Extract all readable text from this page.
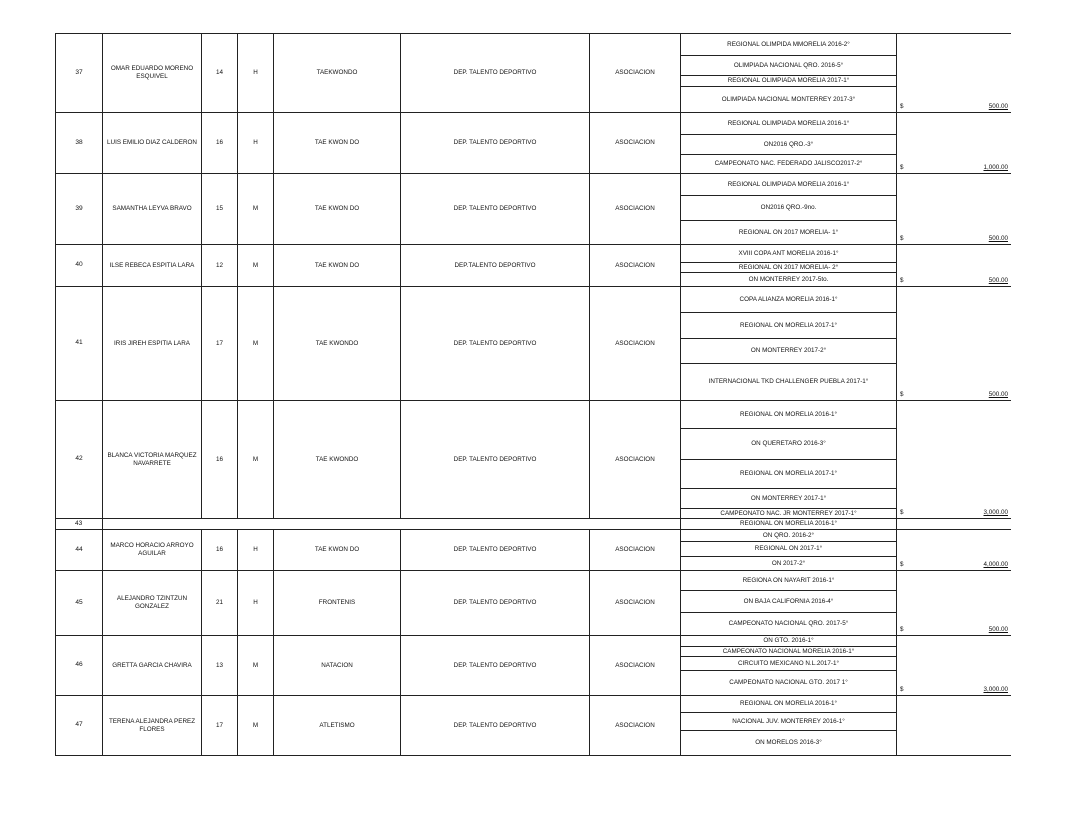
37	OMAR EDUARDO MORENO ESQUIVEL	14	H	TAEKWONDO	DEP. TALENTO DEPORTIVO	ASOCIACION	REGIONAL OLIMPIDA MMORELIA 2016-2°	$ 500.00

							OLIMPIADA NACIONAL QRO. 2016-5°	
							REGIONAL OLIMPIADA MORELIA 2017-1°	
							OLIMPIADA NACIONAL MONTERREY 2017-3°	
38	LUIS EMILIO DIAZ CALDERON	16	H	TAE KWON DO	DEP. TALENTO DEPORTIVO	ASOCIACION	REGIONAL OLIMPIADA MORELIA 2016-1°	$ 1,000.00

							ON2016 QRO.-3°	
							CAMPEONATO NAC. FEDERADO JALISCO2017-2°	
39	SAMANTHA LEYVA BRAVO	15	M	TAE KWON DO	DEP. TALENTO DEPORTIVO	ASOCIACION	REGIONAL OLIMPIADA MORELIA 2016-1°	$ 500.00

							ON2016 QRO.-9no.	
							REGIONAL ON 2017 MORELIA- 1°	
40	ILSE REBECA ESPITIA LARA	12	M	TAE KWON DO	DEP.TALENTO DEPORTIVO	ASOCIACION	XVIII COPA ANT MORELIA 2016-1°	$ 500.00

							REGIONAL ON 2017 MORELIA- 2°	
							ON MONTERREY 2017-5to.	
41	IRIS JIREH ESPITIA LARA	17	M	TAE KWONDO	DEP. TALENTO DEPORTIVO	ASOCIACION	COPA ALIANZA MORELIA 2016-1°	$ 500.00

							REGIONAL ON MORELIA 2017-1°	
							ON MONTERREY 2017-2°	
							INTERNACIONAL TKD CHALLENGER PUEBLA 2017-1°	
42	BLANCA VICTORIA MARQUEZ NAVARRETE	16	M	TAE KWONDO	DEP. TALENTO DEPORTIVO	ASOCIACION	REGIONAL ON MORELIA 2016-1°	$ 3,000.00

							ON QUERETARO 2016-3°	
							REGIONAL ON MORELIA 2017-1°	
							ON MONTERREY 2017-1°	
							CAMPEONATO NAC. JR MONTERREY 2017-1°	
43							REGIONAL ON MORELIA 2016-1°	
44	MARCO HORACIO ARROYO AGUILAR	16	H	TAE KWON DO	DEP. TALENTO DEPORTIVO	ASOCIACION	ON QRO. 2016-2°	$ 4,000.00

							REGIONAL ON 2017-1°	
							ON 2017-2°	
45	ALEJANDRO TZINTZUN GONZALEZ	21	H	FRONTENIS	DEP. TALENTO DEPORTIVO	ASOCIACION	REGIONA ON NAYARIT 2016-1°	$ 500.00

							ON BAJA CALIFORNIA 2016-4°	
							CAMPEONATO NACIONAL QRO. 2017-5°	
46	GRETTA GARCIA CHAVIRA	13	M	NATACION	DEP. TALENTO DEPORTIVO	ASOCIACION	ON GTO. 2016-1°	$ 3,000.00

							CAMPEONATO NACIONAL MORELIA 2016-1°	
							CIRCUITO MEXICANO N.L.2017-1°	
							CAMPEONATO NACIONAL GTO. 2017 1°	
47	TERENA ALEJANDRA PEREZ FLORES	17	M	ATLETISMO	DEP. TALENTO DEPORTIVO	ASOCIACION	REGIONAL ON MORELIA 2016-1°	

							NACIONAL JUV. MONTERREY 2016-1°	
							ON MORELOS 2016-3°	
